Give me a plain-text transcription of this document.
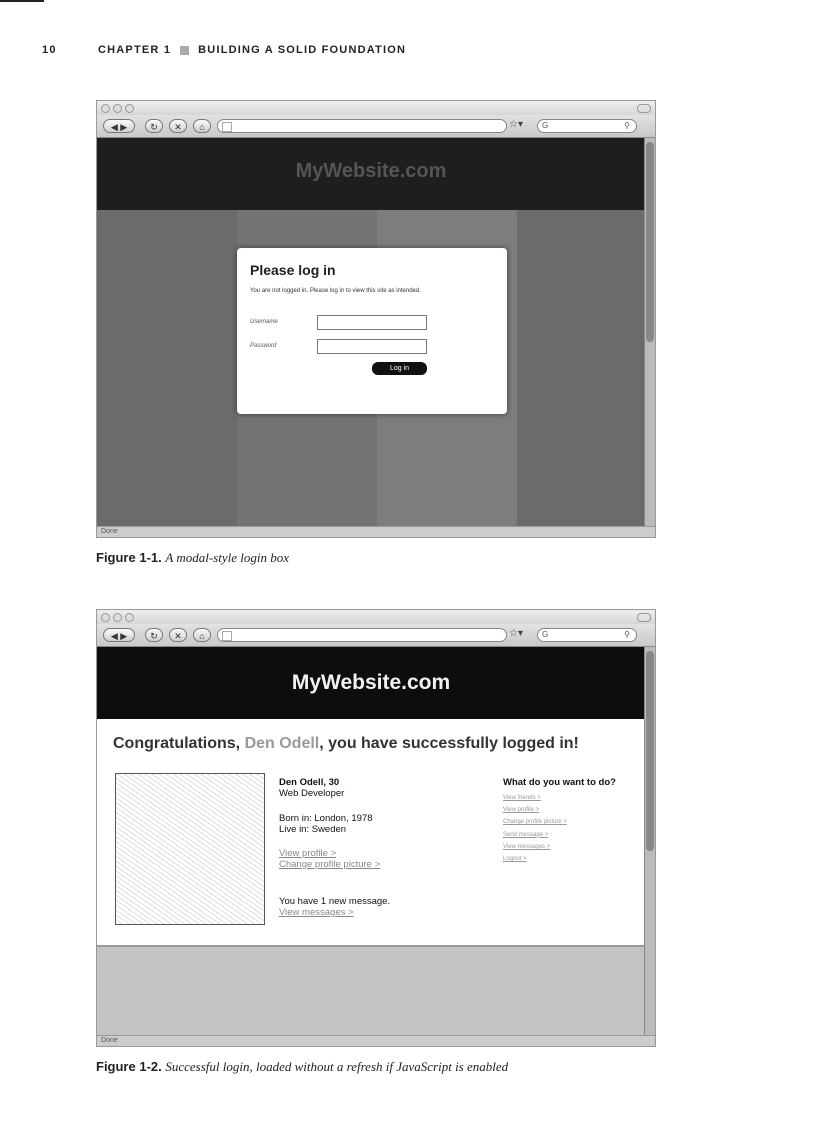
10	CHAPTER 1 BUILDING A SOLID FOUNDATION
◀ ▶	↻	✕	⌂	☆▾ G	⚲
MyWebsite.com
Please log in
You are not logged in. Please log in to view this site as intended.
Username
Password
Log in
Done
Figure 1-1. A modal-style login box
◀ ▶	↻	✕	⌂	☆▾ G	⚲
MyWebsite.com
Congratulations, Den Odell, you have successfully logged in!
Den Odell, 30
Web Developer
Born in: London, 1978
Live in: Sweden
View profile >
Change profile picture >
You have 1 new message.
View messages >
What do you want to do?
View friends >
View profile >
Change profile picture >
Send message >
View messages >
Logout >
Done
Figure 1-2. Successful login, loaded without a refresh if JavaScript is enabled
